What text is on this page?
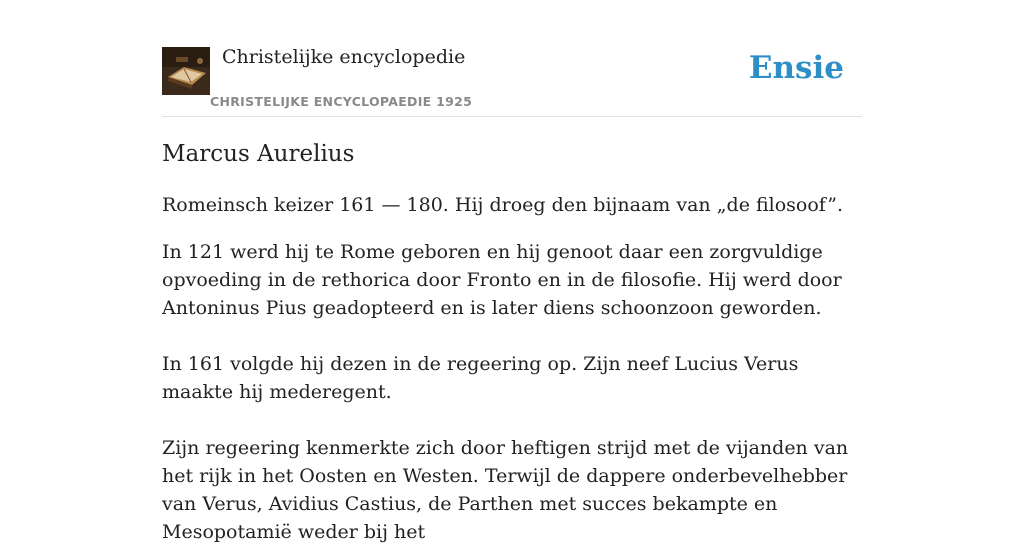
Christelijke encyclopedie
CHRISTELIJKE ENCYCLOPAEDIE 1925
Ensie
Marcus Aurelius

Romeinsch keizer 161 — 180. Hij droeg den bijnaam van „de filosoof”.

In 121 werd hij te Rome geboren en hij genoot daar een zorgvuldige opvoeding in de rethorica door Fronto en in de filosofie. Hij werd door Antoninus Pius geadopteerd en is later diens schoonzoon geworden.

In 161 volgde hij dezen in de regeering op. Zijn neef Lucius Verus maakte hij mederegent.

Zijn regeering kenmerkte zich door heftigen strijd met de vijanden van het rijk in het Oosten en Westen. Terwijl de dappere onderbevelhebber van Verus, Avidius Castius, de Parthen met succes bekampte en Mesopotamië weder bij het
